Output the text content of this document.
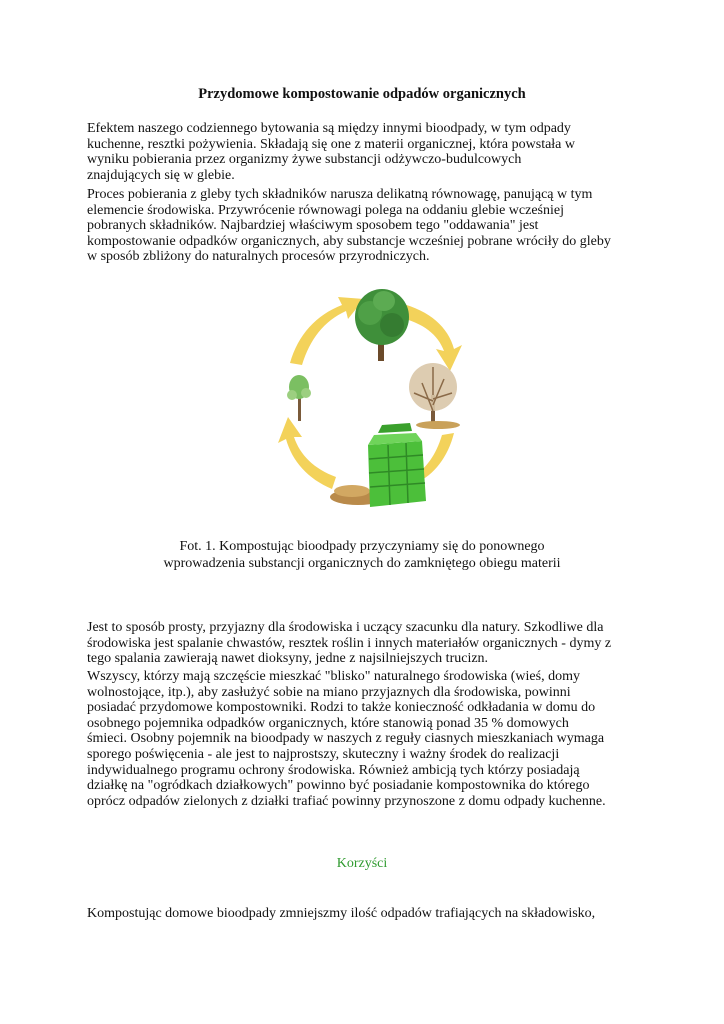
Przydomowe kompostowanie odpadów organicznych
Efektem naszego codziennego bytowania są między innymi bioodpady, w tym odpady
kuchenne, resztki pożywienia. Składają się one z materii organicznej, która powstała w
wyniku pobierania przez organizmy żywe substancji odżywczo-budulcowych
znajdujących się w glebie.
Proces pobierania z gleby tych składników narusza delikatną równowagę, panującą w tym
elemencie środowiska. Przywrócenie równowagi polega na oddaniu glebie wcześniej
pobranych składników. Najbardziej właściwym sposobem tego "oddawania" jest
kompostowanie odpadków organicznych, aby substancje wcześniej pobrane wróciły do gleby
w sposób zbliżony do naturalnych procesów przyrodniczych.
Fot. 1. Kompostując bioodpady przyczyniamy się do ponownego
wprowadzenia substancji organicznych do zamkniętego obiegu materii
Jest to sposób prosty, przyjazny dla środowiska i uczący szacunku dla natury. Szkodliwe dla
środowiska jest spalanie chwastów, resztek roślin i innych materiałów organicznych - dymy z
tego spalania zawierają nawet dioksyny, jedne z najsilniejszych trucizn.
Wszyscy, którzy mają szczęście mieszkać "blisko" naturalnego środowiska (wieś, domy
wolnostojące, itp.), aby zasłużyć sobie na miano przyjaznych dla środowiska, powinni
posiadać przydomowe kompostowniki. Rodzi to także konieczność odkładania w domu do
osobnego pojemnika odpadków organicznych, które stanowią ponad 35 % domowych
śmieci. Osobny pojemnik na bioodpady w naszych z reguły ciasnych mieszkaniach wymaga
sporego poświęcenia - ale jest to najprostszy, skuteczny i ważny środek do realizacji
indywidualnego programu ochrony środowiska. Również ambicją tych którzy posiadają
działkę na "ogródkach działkowych" powinno być posiadanie kompostownika do którego
oprócz odpadów zielonych z działki trafiać powinny przynoszone z domu odpady kuchenne.
Korzyści
Kompostując domowe bioodpady zmniejszmy ilość odpadów trafiających na składowisko,
